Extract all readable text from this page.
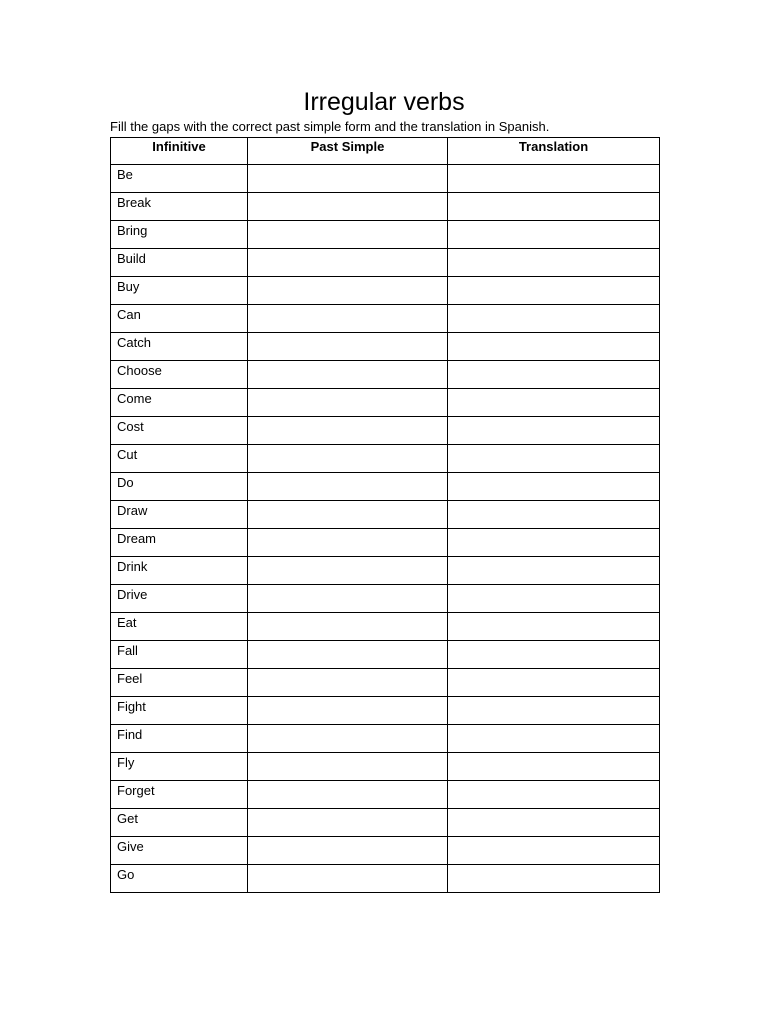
Irregular verbs
Fill the gaps with the correct past simple form and the translation in Spanish.
Infinitive	Past Simple	Translation
Be		
Break		
Bring		
Build		
Buy		
Can		
Catch		
Choose		
Come		
Cost		
Cut		
Do		
Draw		
Dream		
Drink		
Drive		
Eat		
Fall		
Feel		
Fight		
Find		
Fly		
Forget		
Get		
Give		
Go		
